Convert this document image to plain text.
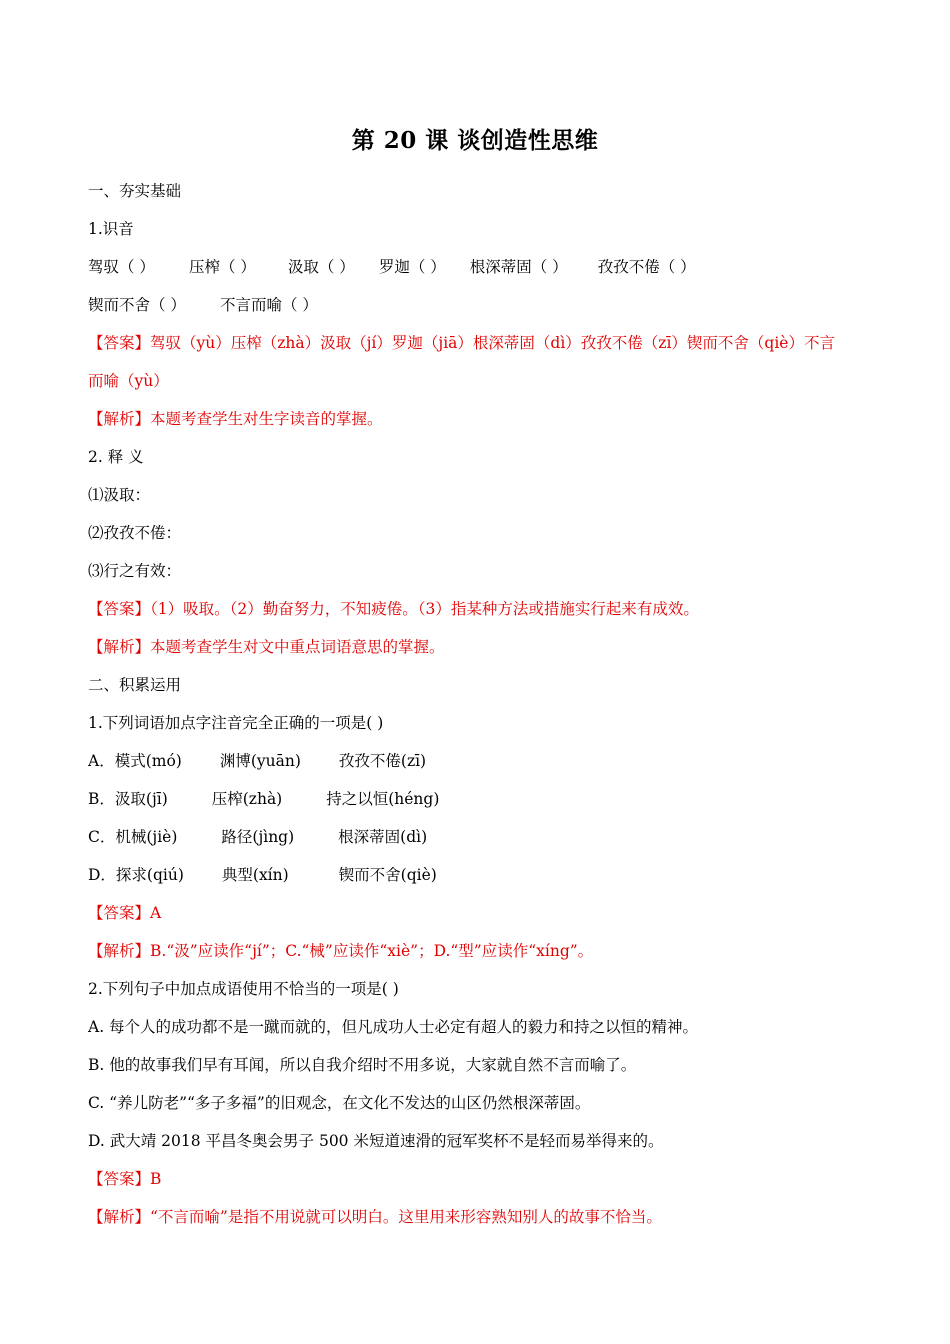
第 20 课 谈创造性思维
一、夯实基础
1.识音
驾驭（ ） 压榨（ ） 汲取（ ） 罗迦（ ） 根深蒂固（ ） 孜孜不倦（ ）
锲而不舍（ ） 不言而喻（ ）
【答案】驾驭（yù）压榨（zhà）汲取（jí）罗迦（jiā）根深蒂固（dì）孜孜不倦（zī）锲而不舍（qiè）不言
而喻（yù）
【解析】本题考查学生对生字读音的掌握。
2. 释 义
⑴汲取：
⑵孜孜不倦：
⑶行之有效：
【答案】（1）吸取。（2）勤奋努力，不知疲倦。（3）指某种方法或措施实行起来有成效。
【解析】本题考查学生对文中重点词语意思的掌握。
二、积累运用
1.下列词语加点字注音完全正确的一项是( )
A．模式(mó) 渊博(yuān) 孜孜不倦(zī)
B．汲取(jī)	压榨(zhà)	持之以恒(héng)
C．机械(jiè)	路径(jìng)	根深蒂固(dì)
D．探求(qiú) 典型(xín)	锲而不舍(qiè)
【答案】A
【解析】B.“汲”应读作“jí”；C.“械”应读作“xiè”；D.“型”应读作“xíng”。
2.下列句子中加点成语使用不恰当的一项是( )
A. 每个人的成功都不是一蹴而就的，但凡成功人士必定有超人的毅力和持之以恒的精神。
B. 他的故事我们早有耳闻，所以自我介绍时不用多说，大家就自然不言而喻了。
C. “养儿防老”“多子多福”的旧观念，在文化不发达的山区仍然根深蒂固。
D. 武大靖 2018 平昌冬奥会男子 500 米短道速滑的冠军奖杯不是轻而易举得来的。
【答案】B
【解析】“不言而喻”是指不用说就可以明白。这里用来形容熟知别人的故事不恰当。
